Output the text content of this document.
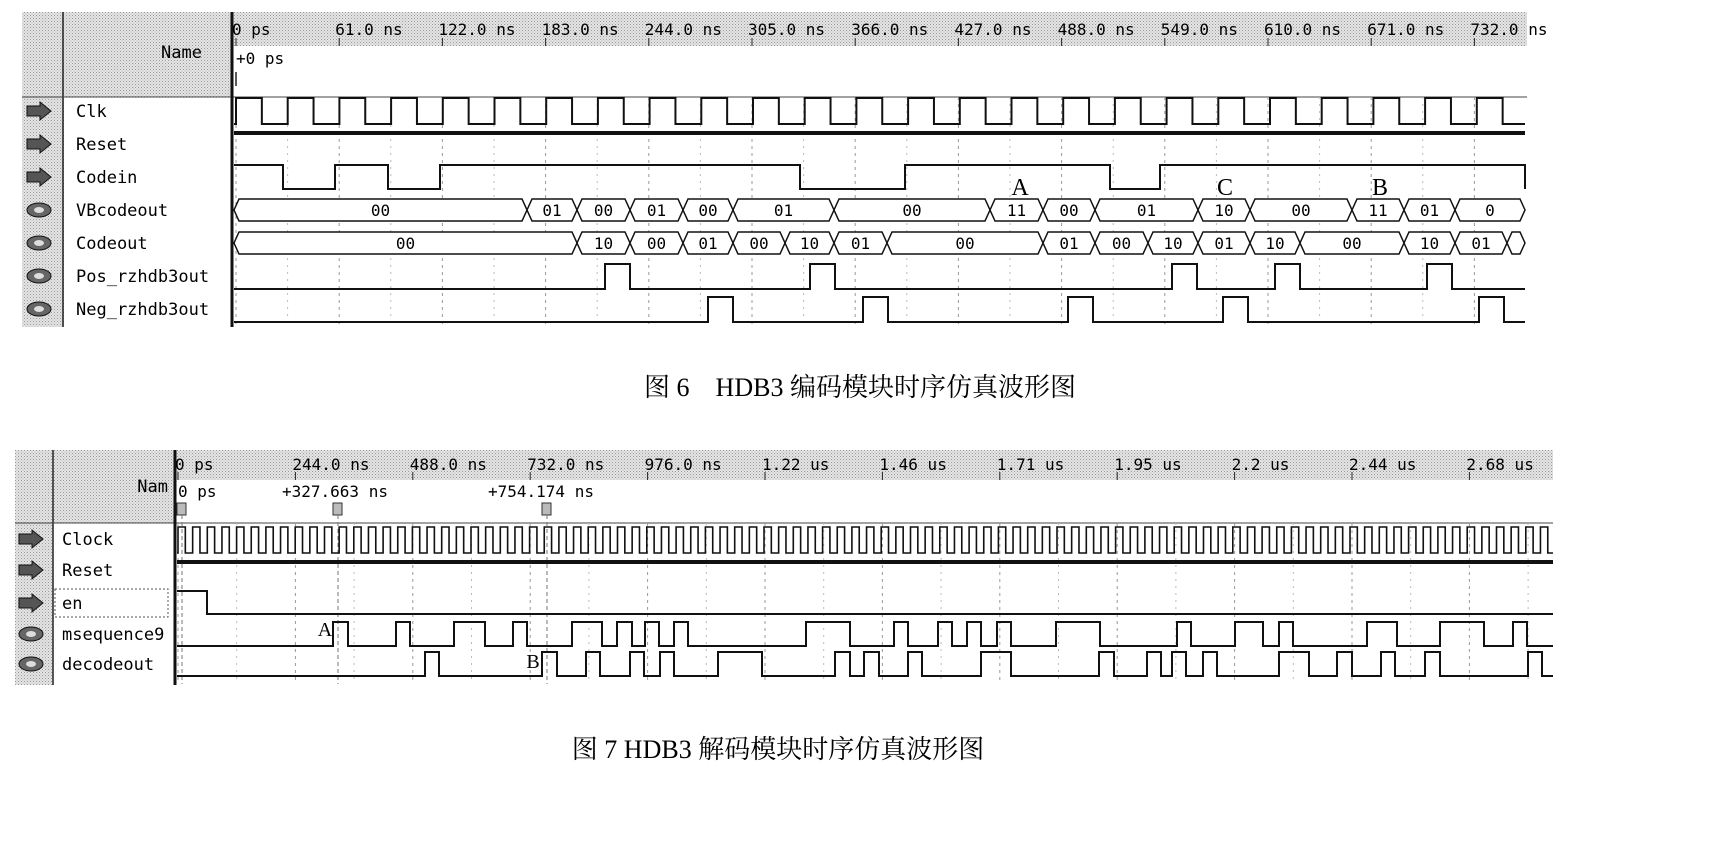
Name +0 ps
0 ps	61.0 ns 122.0 ns 183.0 ns 244.0 ns 305.0 ns 366.0 ns 427.0 ns 488.0 ns 549.0 ns 610.0 ns 671.0 ns 732.0 ns
Clk
Reset
Codein
VBcodeout
Codeout
Pos_rzhdb3out
Neg_rzhdb3out
00	01 00 01 00	01	00	11 00	01	10	00	11 01	0
00	10 00 01 00 10 01	00	01 00 10 01 10	00	10 01
A	C	B
图 6　HDB3 编码模块时序仿真波形图
Nam 0 ps	+327.663 ns	+754.174 ns
0 ps	244.0 ns	488.0 ns	732.0 ns	976.0 ns	1.22 us	1.46 us	1.71 us	1.95 us	2.2 us	2.44 us	2.68 us
Clock
Reset
en
msequence9
decodeout
A
B
图 7 HDB3 解码模块时序仿真波形图
